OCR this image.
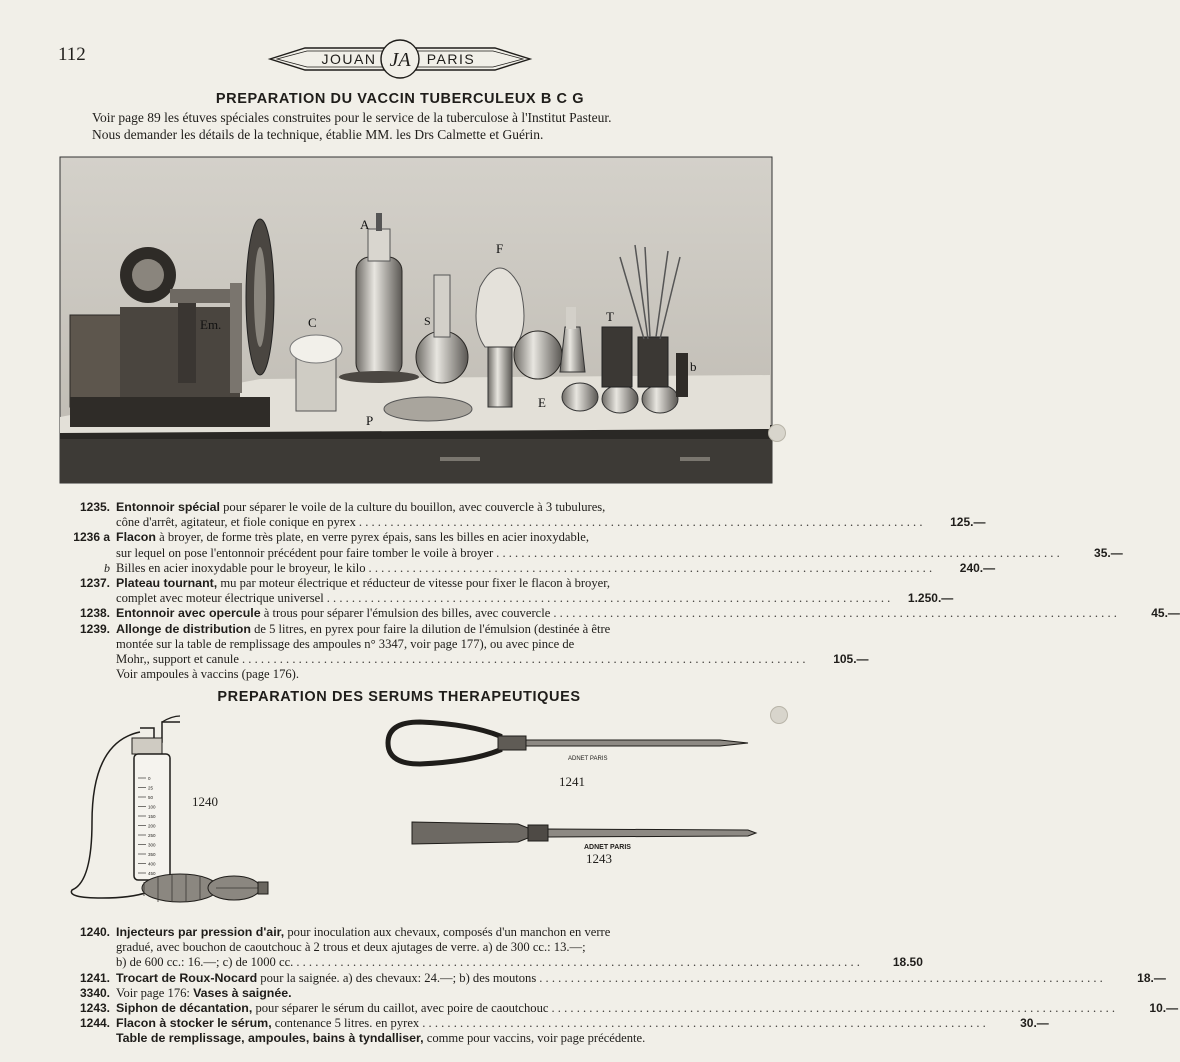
112	JOUAN JA PARIS
PREPARATION DU VACCIN TUBERCULEUX B C G
Voir page 89 les étuves spéciales construites pour le service de la tuberculose à l'Institut Pasteur.
Nous demander les détails de la technique, établie MM. les Drs Calmette et Guérin.
A
F
C
Em.
T
b
P
E
S
1235. Entonnoir spécial pour séparer le voile de la culture du bouillon, avec couvercle à 3 tubulures,
cône d'arrêt, agitateur, et fiole conique en pyrex . . .	125.—
1236 a Flacon à broyer, de forme très plate, en verre pyrex épais, sans les billes en acier inoxydable,
sur lequel on pose l'entonnoir précédent pour faire tomber le voile à broyer . . .	35.—
b Billes en acier inoxydable pour le broyeur, le kilo . . .	240.—
1237. Plateau tournant, mu par moteur électrique et réducteur de vitesse pour fixer le flacon à broyer,
complet avec moteur électrique universel . . .	1.250.—
1238. Entonnoir avec opercule à trous pour séparer l'émulsion des billes, avec couvercle . . .	45.—
1239. Allonge de distribution de 5 litres, en pyrex pour faire la dilution de l'émulsion (destinée à être
montée sur la table de remplissage des ampoules n° 3347, voir page 177), ou avec pince de
Mohr,, support et canule . . .	105.—
Voir ampoules à vaccins (page 176).
PREPARATION DES SERUMS THERAPEUTIQUES
0
25
50
100
150
200
250
300
350
400
450
1240
ADNET PARIS
1241
ADNET PARIS
1243
1240. Injecteurs par pression d'air, pour inoculation aux chevaux, composés d'un manchon en verre
gradué, avec bouchon de caoutchouc à 2 trous et deux ajutages de verre. a) de 300 cc.: 13.—;
b) de 600 cc.: 16.—; c) de 1000 cc. . . .	18.50
1241. Trocart de Roux-Nocard pour la saignée. a) des chevaux: 24.—; b) des moutons . . .	18.—
3340. Voir page 176: Vases à saignée.
1243. Siphon de décantation, pour séparer le sérum du caillot, avec poire de caoutchouc . . .	10.—
1244. Flacon à stocker le sérum, contenance 5 litres. en pyrex . . .	30.—
Table de remplissage, ampoules, bains à tyndalliser, comme pour vaccins, voir page précédente.
